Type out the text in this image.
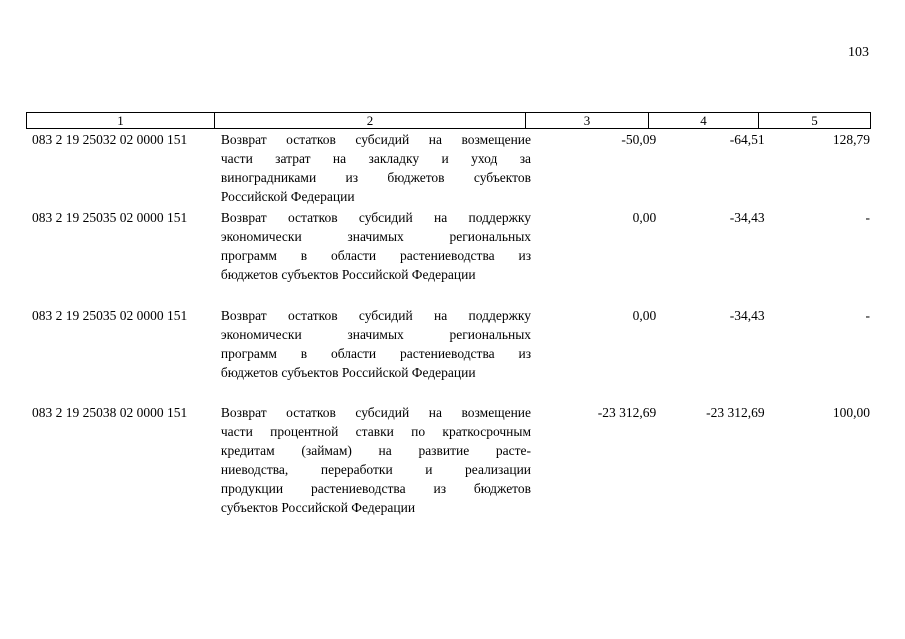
103
1	2	3	4	5
083 2 19 25032 02 0000 151	Возврат остатков субсидий на возмещение
части затрат на закладку и уход за
виноградниками из бюджетов субъектов
Российской Федерации
-50,09	-64,51	128,79
083 2 19 25035 02 0000 151	Возврат остатков субсидий на поддержку
экономически значимых региональных
программ в области растениеводства из
бюджетов субъектов Российской Федерации
0,00	-34,43	-
083 2 19 25035 02 0000 151	Возврат остатков субсидий на поддержку
экономически значимых региональных
программ в области растениеводства из
бюджетов субъектов Российской Федерации
0,00	-34,43	-
083 2 19 25038 02 0000 151	Возврат остатков субсидий на возмещение
части процентной ставки по краткосрочным
кредитам (займам) на развитие расте-
ниеводства, переработки и реализации
продукции растениеводства из бюджетов
субъектов Российской Федерации
-23 312,69	-23 312,69	100,00
